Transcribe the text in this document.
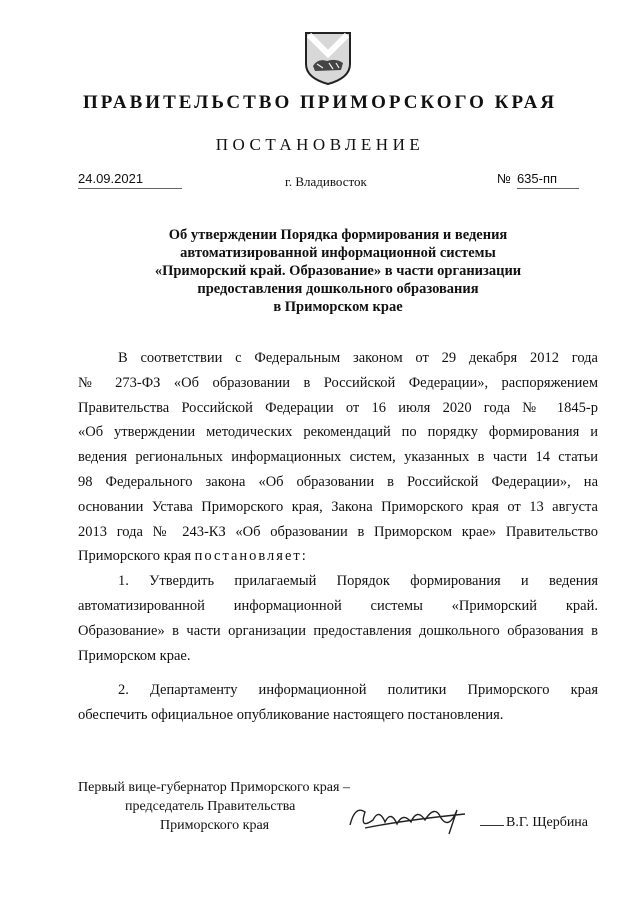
ПРАВИТЕЛЬСТВО ПРИМОРСКОГО КРАЯ
ПОСТАНОВЛЕНИЕ
24.09.2021	г. Владивосток	№ 635-пп
Об утверждении Порядка формирования и ведения
автоматизированной информационной системы
«Приморский край. Образование» в части организации
предоставления дошкольного образования
в Приморском крае
В соответствии с Федеральным законом от 29 декабря 2012 года
№ 273-ФЗ «Об образовании в Российской Федерации», распоряжением
Правительства Российской Федерации от 16 июля 2020 года № 1845-р
«Об утверждении методических рекомендаций по порядку формирования и
ведения региональных информационных систем, указанных в части 14 статьи
98 Федерального закона «Об образовании в Российской Федерации», на
основании Устава Приморского края, Закона Приморского края от 13 августа
2013 года № 243-КЗ «Об образовании в Приморском крае» Правительство
Приморского края постановляет:
1. Утвердить прилагаемый Порядок формирования и ведения
автоматизированной информационной системы «Приморский край.
Образование» в части организации предоставления дошкольного образования в
Приморском крае.
2. Департаменту информационной политики Приморского края
обеспечить официальное опубликование настоящего постановления.
Первый вице-губернатор Приморского края –
председатель Правительства
Приморского края	В.Г. Щербина
